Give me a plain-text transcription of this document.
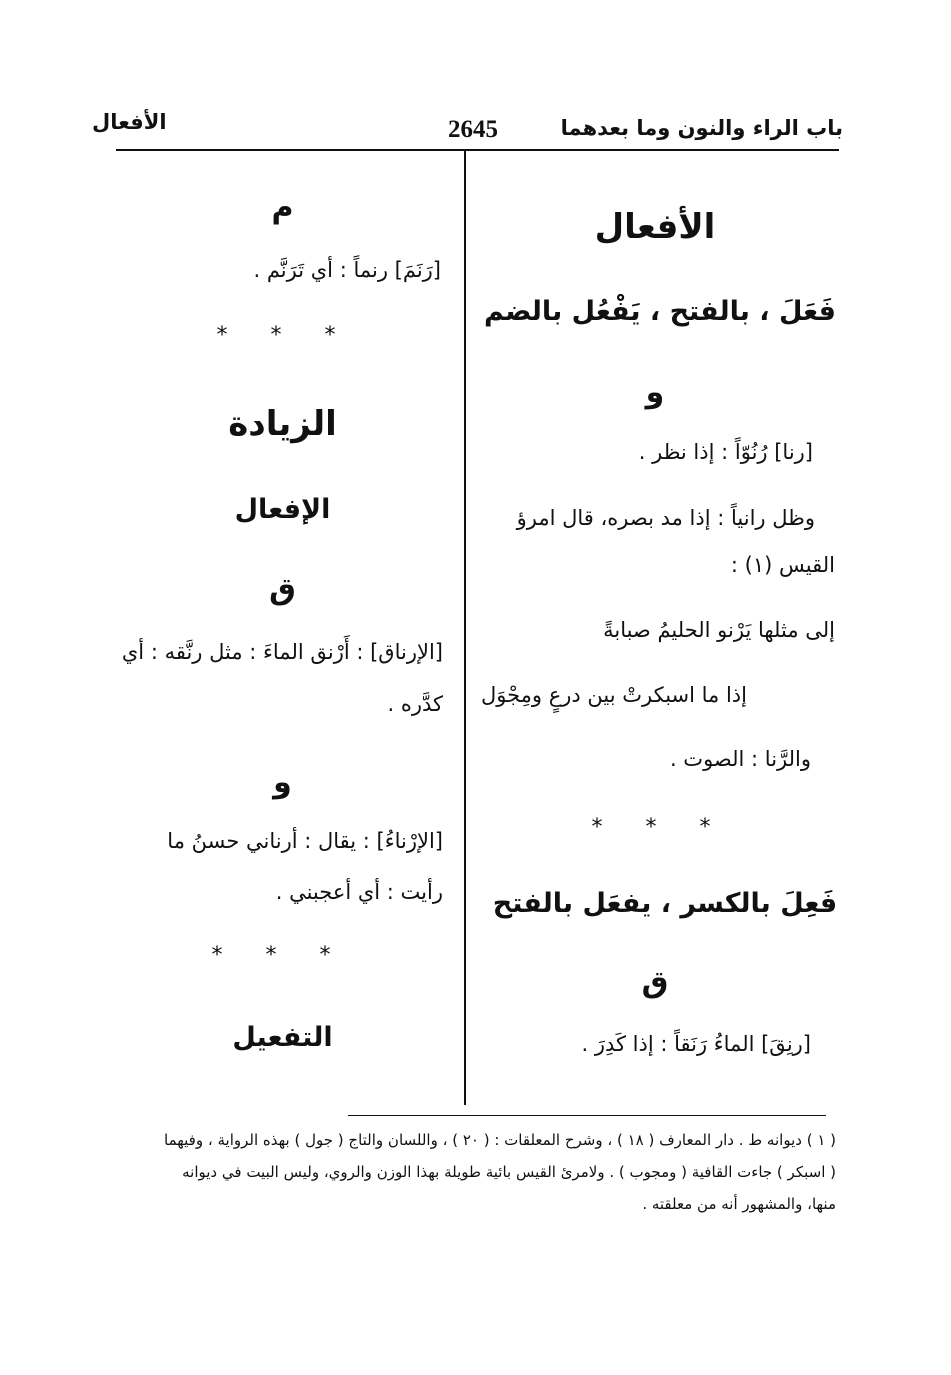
الأفعال	2645	باب الراء والنون وما بعدهما
الأفعال
فَعَلَ ، بالفتح ، يَفْعُل بالضم
و
[رنا] رُنُوّاً : إذا نظر .
وظل رانياً : إذا مد بصره، قال امرؤ
القيس (١) :
إلى مثلها يَرْنو الحليمُ صبابةً
إذا ما اسبكرتْ بين درعٍ ومِجْوَل
والرَّنا : الصوت .
* * *
فَعِلَ بالكسر ، يفعَل بالفتح
ق
[رنِقَ] الماءُ رَنَقاً : إذا كَدِرَ .
م
[رَنَمَ] رنماً : أي تَرَنَّم .
* * *
الزيادة
الإفعال
ق
[الإرناق] : أَرْنق الماءَ : مثل رنَّقه : أي
كدَّره .
و
[الإرْناءُ] : يقال : أرناني حسنُ ما
رأيت : أي أعجبني .
* * *
التفعيل
( ١ ) ديوانه ط . دار المعارف ( ١٨ ) ، وشرح المعلقات : ( ٢٠ ) ، واللسان والتاج ( جول ) بهذه الرواية ، وفيهما
( اسبكر ) جاءت القافية ( ومجوب ) . ولامرئ القيس بائية طويلة بهذا الوزن والروي، وليس البيت في ديوانه
منها، والمشهور أنه من معلقته .
